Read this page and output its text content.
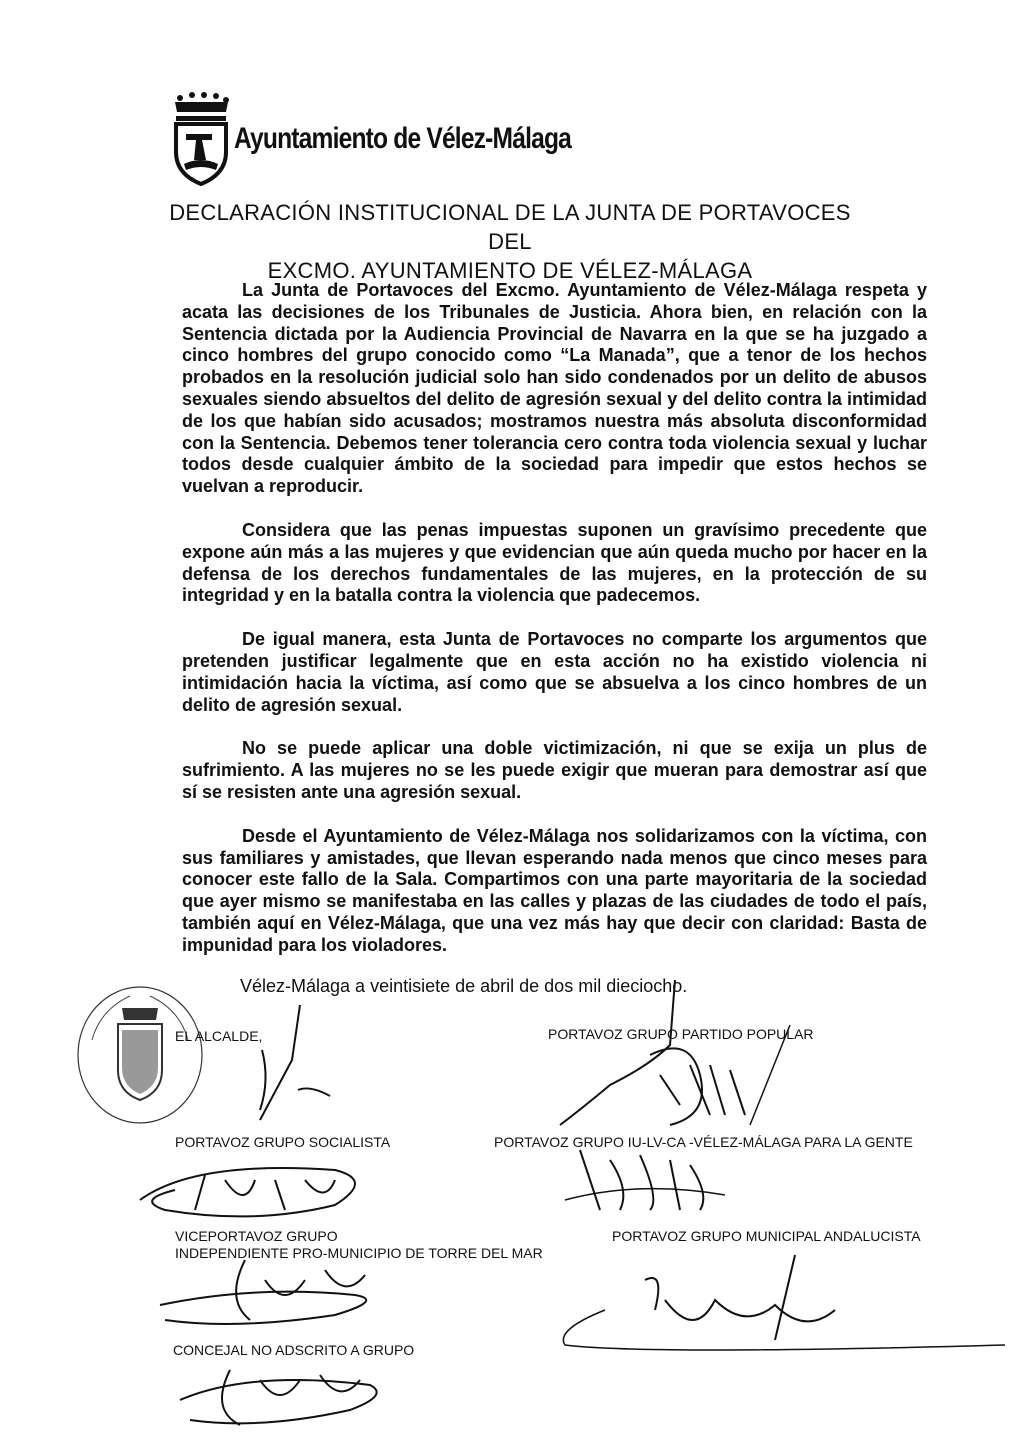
Ayuntamiento de Vélez-Málaga
DECLARACIÓN INSTITUCIONAL DE LA JUNTA DE PORTAVOCES DEL
EXCMO. AYUNTAMIENTO DE VÉLEZ-MÁLAGA

La Junta de Portavoces del Excmo. Ayuntamiento de Vélez-Málaga respeta y acata las decisiones de los Tribunales de Justicia. Ahora bien, en relación con la Sentencia dictada por la Audiencia Provincial de Navarra en la que se ha juzgado a cinco hombres del grupo conocido como “La Manada”, que a tenor de los hechos probados en la resolución judicial solo han sido condenados por un delito de abusos sexuales siendo absueltos del delito de agresión sexual y del delito contra la intimidad de los que habían sido acusados; mostramos nuestra más absoluta disconformidad con la Sentencia. Debemos tener tolerancia cero contra toda violencia sexual y luchar todos desde cualquier ámbito de la sociedad para impedir que estos hechos se vuelvan a reproducir.

Considera que las penas impuestas suponen un gravísimo precedente que expone aún más a las mujeres y que evidencian que aún queda mucho por hacer en la defensa de los derechos fundamentales de las mujeres, en la protección de su integridad y en la batalla contra la violencia que padecemos.

De igual manera, esta Junta de Portavoces no comparte los argumentos que pretenden justificar legalmente que en esta acción no ha existido violencia ni intimidación hacia la víctima, así como que se absuelva a los cinco hombres de un delito de agresión sexual.

No se puede aplicar una doble victimización, ni que se exija un plus de sufrimiento. A las mujeres no se les puede exigir que mueran para demostrar así que sí se resisten ante una agresión sexual.

Desde el Ayuntamiento de Vélez-Málaga nos solidarizamos con la víctima, con sus familiares y amistades, que llevan esperando nada menos que cinco meses para conocer este fallo de la Sala. Compartimos con una parte mayoritaria de la sociedad que ayer mismo se manifestaba en las calles y plazas de las ciudades de todo el país, también aquí en Vélez-Málaga, que una vez más hay que decir con claridad: Basta de impunidad para los violadores.

Vélez-Málaga a veintisiete de abril de dos mil dieciocho.
EL ALCALDE,	PORTAVOZ GRUPO PARTIDO POPULAR
PORTAVOZ GRUPO SOCIALISTA	PORTAVOZ GRUPO IU-LV-CA -VÉLEZ-MÁLAGA PARA LA GENTE
VICEPORTAVOZ GRUPO
INDEPENDIENTE PRO-MUNICIPIO DE TORRE DEL MAR
PORTAVOZ GRUPO MUNICIPAL ANDALUCISTA
CONCEJAL NO ADSCRITO A GRUPO
